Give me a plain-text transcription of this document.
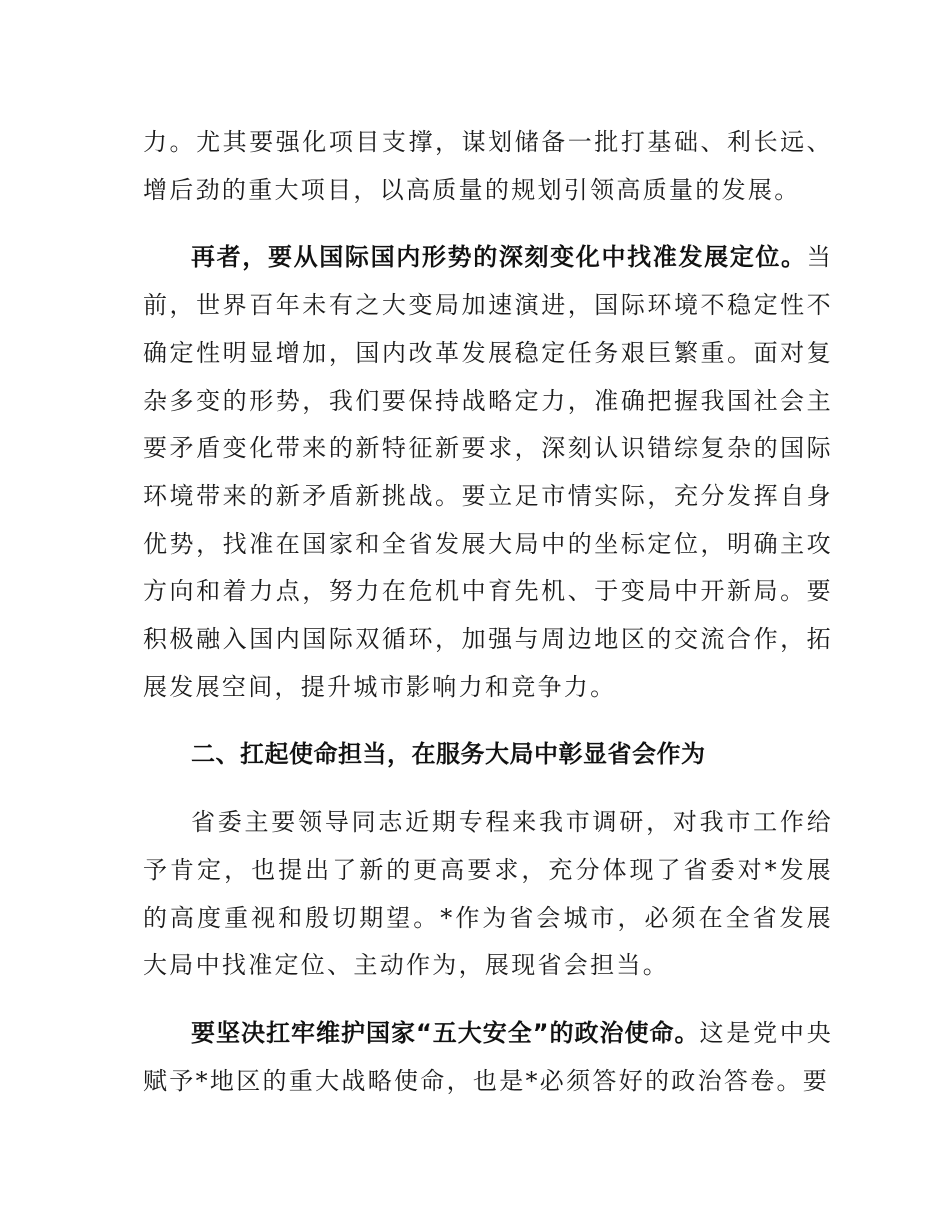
力。尤其要强化项目支撑，谋划储备一批打基础、利长远、增后劲的重大项目，以高质量的规划引领高质量的发展。

再者，要从国际国内形势的深刻变化中找准发展定位。当前，世界百年未有之大变局加速演进，国际环境不稳定性不确定性明显增加，国内改革发展稳定任务艰巨繁重。面对复杂多变的形势，我们要保持战略定力，准确把握我国社会主要矛盾变化带来的新特征新要求，深刻认识错综复杂的国际环境带来的新矛盾新挑战。要立足市情实际，充分发挥自身优势，找准在国家和全省发展大局中的坐标定位，明确主攻方向和着力点，努力在危机中育先机、于变局中开新局。要积极融入国内国际双循环，加强与周边地区的交流合作，拓展发展空间，提升城市影响力和竞争力。

二、扛起使命担当，在服务大局中彰显省会作为

省委主要领导同志近期专程来我市调研，对我市工作给予肯定，也提出了新的更高要求，充分体现了省委对*发展的高度重视和殷切期望。*作为省会城市，必须在全省发展大局中找准定位、主动作为，展现省会担当。

要坚决扛牢维护国家“五大安全”的政治使命。这是党中央赋予*地区的重大战略使命，也是*必须答好的政治答卷。要
